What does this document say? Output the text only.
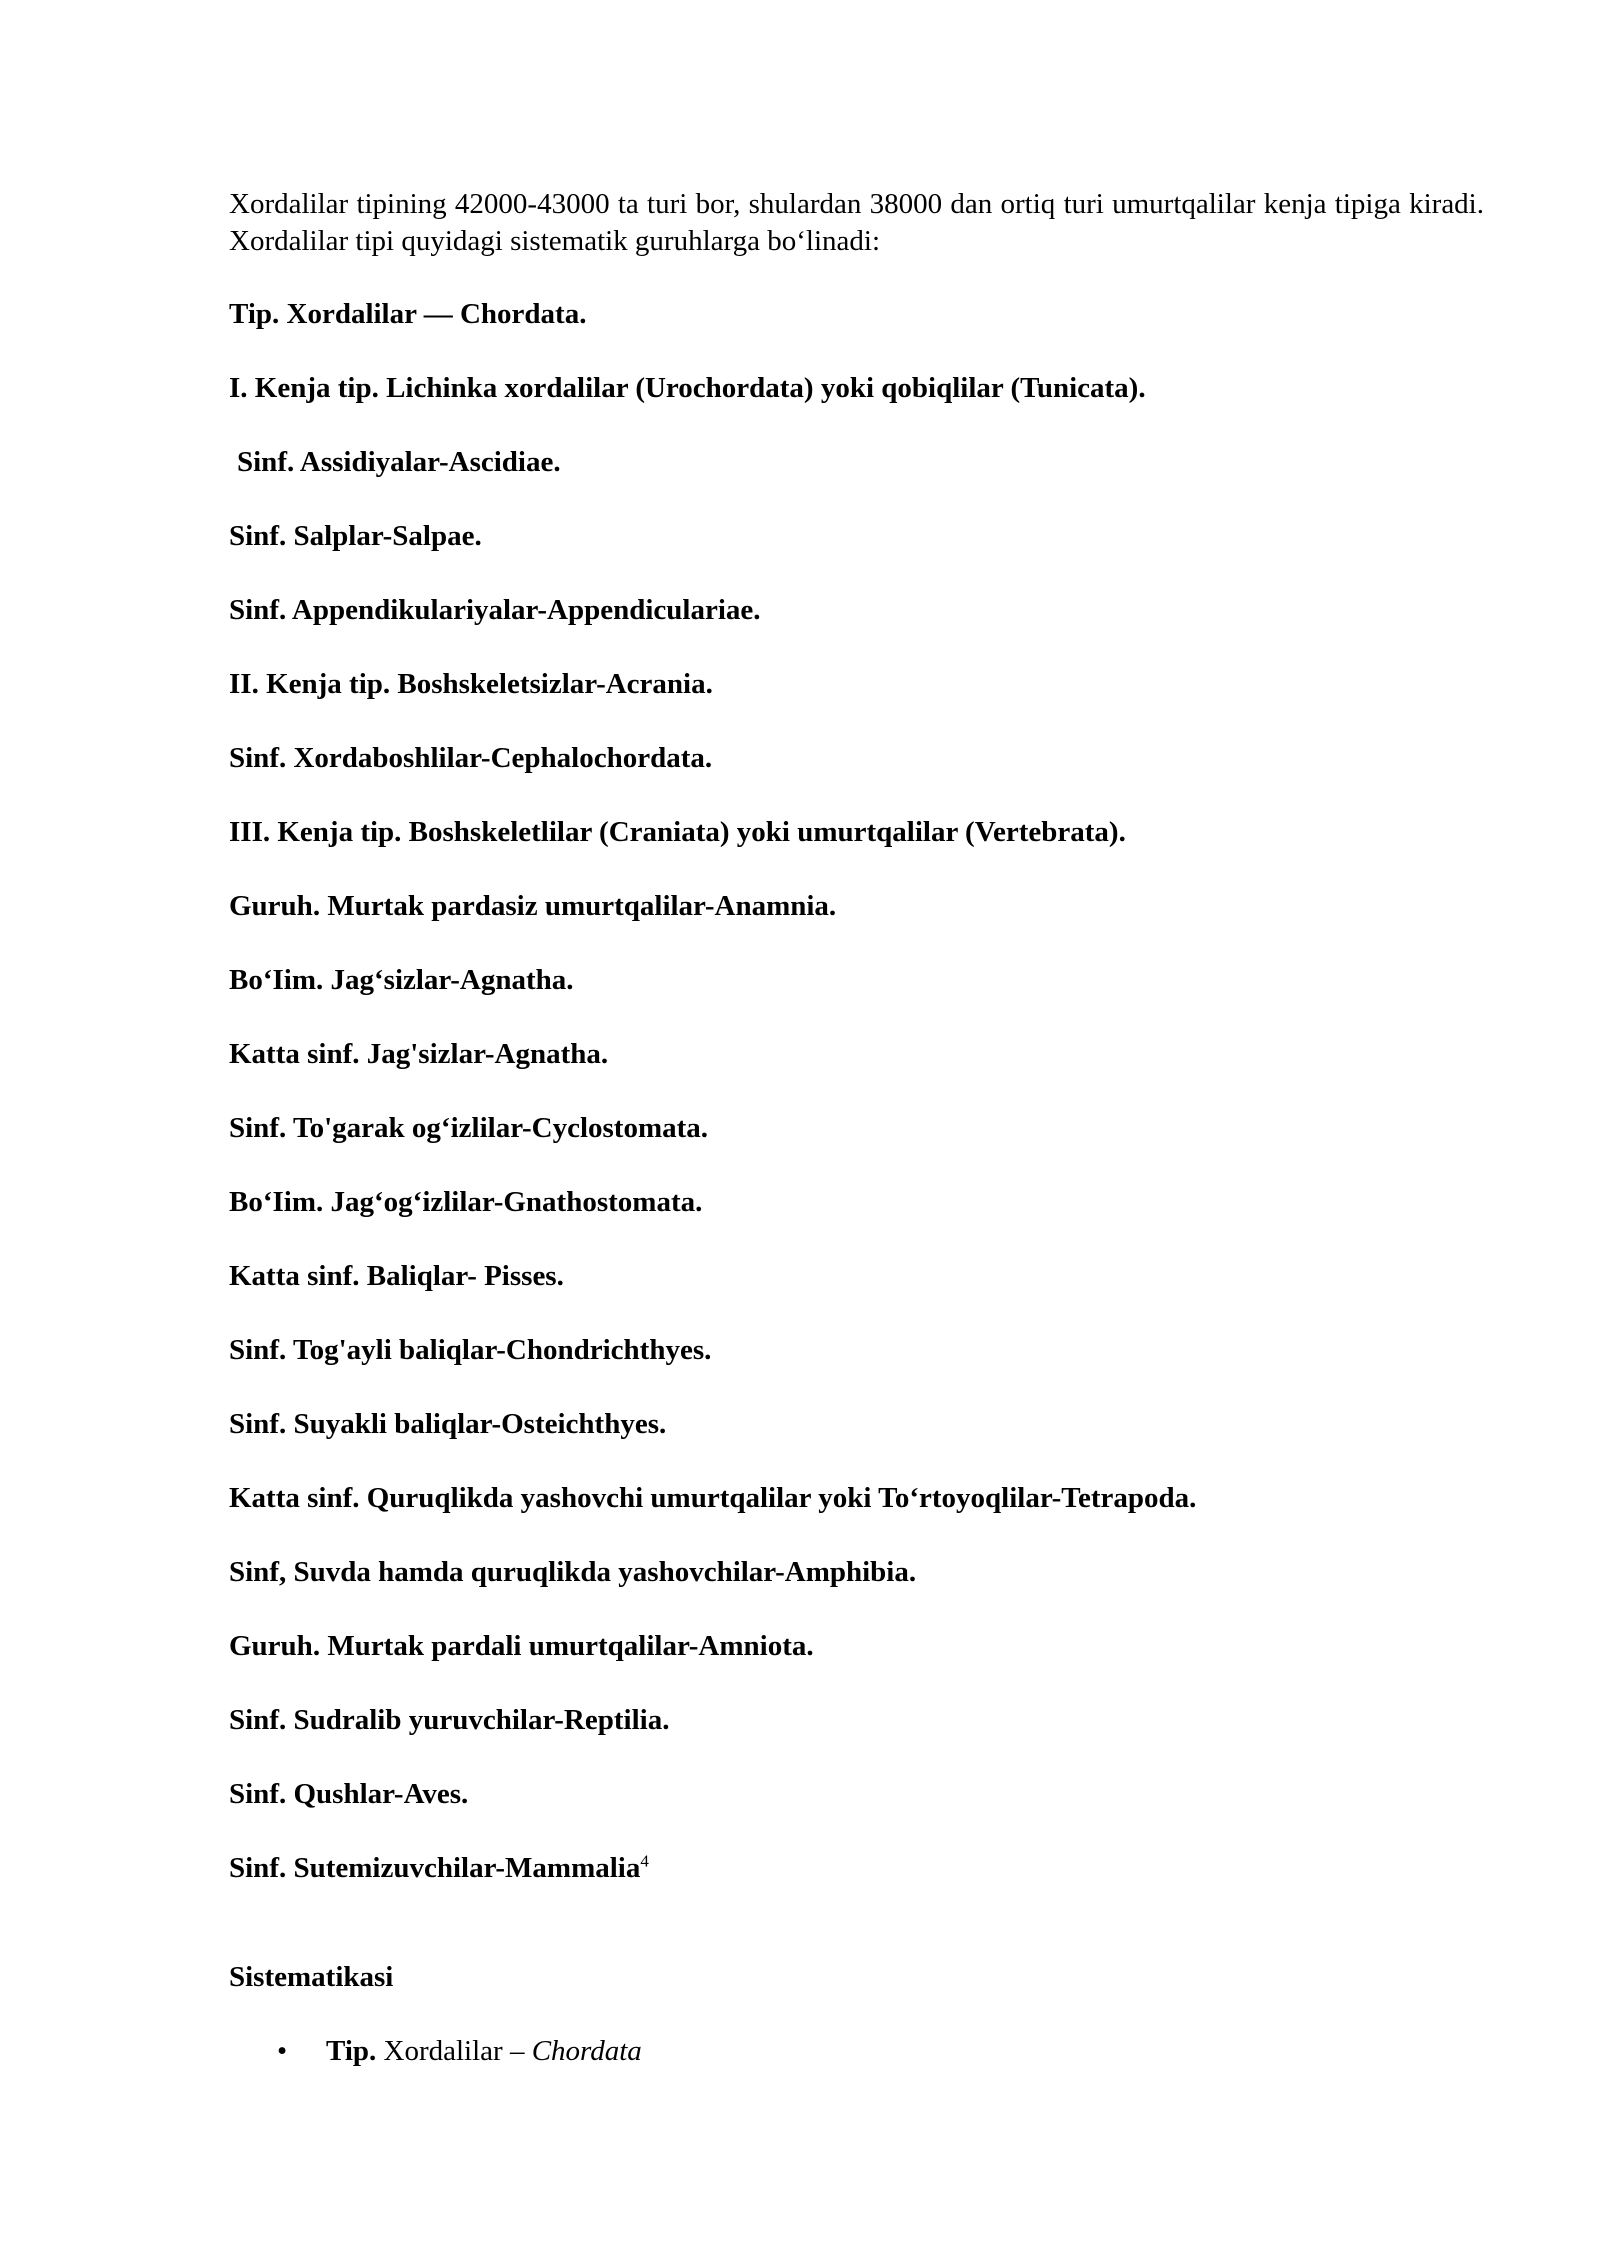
Xordalilar tipining 42000-43000 ta turi bor, shulardan 38000 dan ortiq turi umurtqalilar kenja tipiga kiradi. Xordalilar tipi quyidagi sistematik guruhlarga bo‘linadi:

Tip. Xordalilar — Chordata.
I. Kenja tip. Lichinka xordalilar (Urochordata) yoki qobiqlilar (Tunicata).
Sinf. Assidiyalar-Ascidiae.
Sinf. Salplar-Salpae.
Sinf. Appendikulariyalar-Appendiculariae.
II. Kenja tip. Boshskeletsizlar-Acrania.
Sinf. Xordaboshlilar-Cephalochordata.
III. Kenja tip. Boshskeletlilar (Craniata) yoki umurtqalilar (Vertebrata).
Guruh. Murtak pardasiz umurtqalilar-Anamnia.
Bo‘Iim. Jag‘sizlar-Agnatha.
Katta sinf. Jag'sizlar-Agnatha.
Sinf. To'garak og‘izlilar-Cyclostomata.
Bo‘Iim. Jag‘og‘izlilar-Gnathostomata.
Katta sinf. Baliqlar- Pisses.
Sinf. Tog'ayli baliqlar-Chondrichthyes.
Sinf. Suyakli baliqlar-Osteichthyes.
Katta sinf. Quruqlikda yashovchi umurtqalilar yoki To‘rtoyoqlilar-Tetrapoda.
Sinf, Suvda hamda quruqlikda yashovchilar-Amphibia.
Guruh. Murtak pardali umurtqalilar-Amniota.
Sinf. Sudralib yuruvchilar-Reptilia.
Sinf. Qushlar-Aves.
Sinf. Sutemizuvchilar-Mammalia$^4$
Sistematikasi
• Tip. Xordalilar – Chordata
